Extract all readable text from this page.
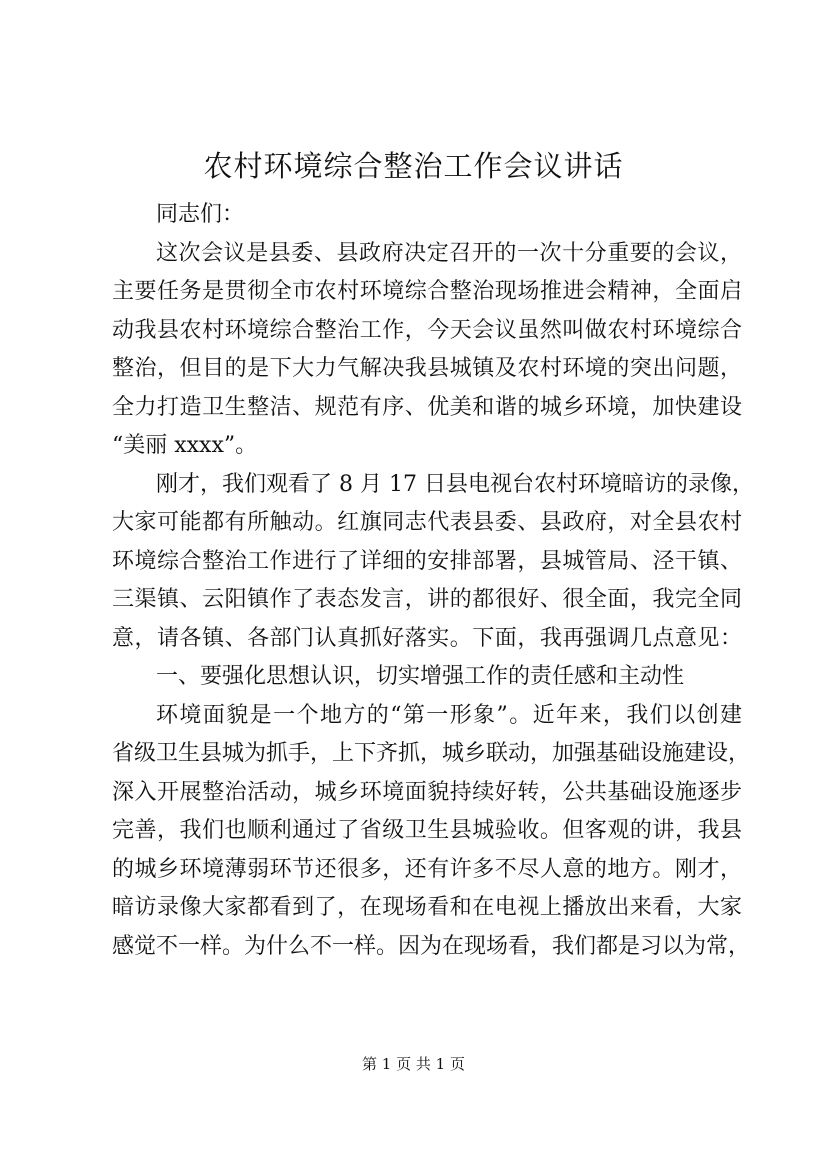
农村环境综合整治工作会议讲话
同志们：
这次会议是县委、县政府决定召开的一次十分重要的会议，
主要任务是贯彻全市农村环境综合整治现场推进会精神，全面启
动我县农村环境综合整治工作，今天会议虽然叫做农村环境综合
整治，但目的是下大力气解决我县城镇及农村环境的突出问题，
全力打造卫生整洁、规范有序、优美和谐的城乡环境，加快建设
“美丽 xxxx”。
刚才，我们观看了 8 月 17 日县电视台农村环境暗访的录像，
大家可能都有所触动。红旗同志代表县委、县政府，对全县农村
环境综合整治工作进行了详细的安排部署，县城管局、泾干镇、
三渠镇、云阳镇作了表态发言，讲的都很好、很全面，我完全同
意，请各镇、各部门认真抓好落实。下面，我再强调几点意见：
一、要强化思想认识，切实增强工作的责任感和主动性
环境面貌是一个地方的“第一形象”。近年来，我们以创建
省级卫生县城为抓手，上下齐抓，城乡联动，加强基础设施建设，
深入开展整治活动，城乡环境面貌持续好转，公共基础设施逐步
完善，我们也顺利通过了省级卫生县城验收。但客观的讲，我县
的城乡环境薄弱环节还很多，还有许多不尽人意的地方。刚才，
暗访录像大家都看到了，在现场看和在电视上播放出来看，大家
感觉不一样。为什么不一样。因为在现场看，我们都是习以为常，
第 1 页 共 1 页
